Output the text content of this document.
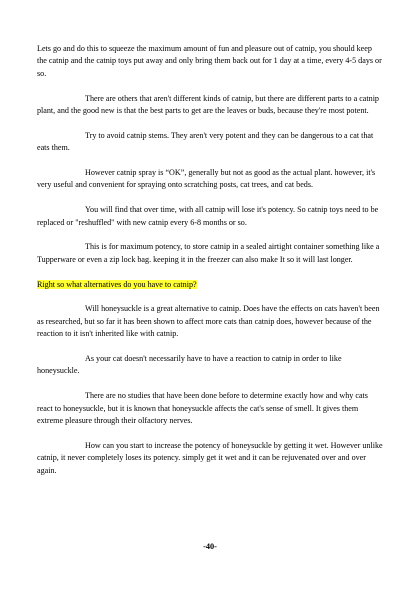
Lets go and do this to squeeze the maximum amount of fun and pleasure out of catnip, you should keep the catnip and the catnip toys put away and only bring them back out for 1 day at a time, every 4-5 days or so.

There are others that aren't different kinds of catnip, but there are different parts to a catnip plant, and the good new is that the best parts to get are the leaves or buds, because they're most potent.

Try to avoid catnip stems. They aren't very potent and they can be dangerous to a cat that eats them.

However catnip spray is “OK”, generally but not as good as the actual plant. however, it's very useful and convenient for spraying onto scratching posts, cat trees, and cat beds.

You will find that over time, with all catnip will lose it's potency. So catnip toys need to be replaced or "reshuffled" with new catnip every 6-8 months or so.

This is for maximum potency, to store catnip in a sealed airtight container something like a Tupperware or even a zip lock bag. keeping it in the freezer can also make It so it will last longer.

Right so what alternatives do you have to catnip?

Will honeysuckle is a great alternative to catnip. Does have the effects on cats haven't been as researched, but so far it has been shown to affect more cats than catnip does, however because of the reaction to it isn't inherited like with catnip.

As your cat doesn't necessarily have to have a reaction to catnip in order to like honeysuckle.

There are no studies that have been done before to determine exactly how and why cats react to honeysuckle, but it is known that honeysuckle affects the cat's sense of smell. It gives them extreme pleasure through their olfactory nerves.

How can you start to increase the potency of honeysuckle by getting it wet. However unlike catnip, it never completely loses its potency. simply get it wet and it can be rejuvenated over and over again.

-40-
